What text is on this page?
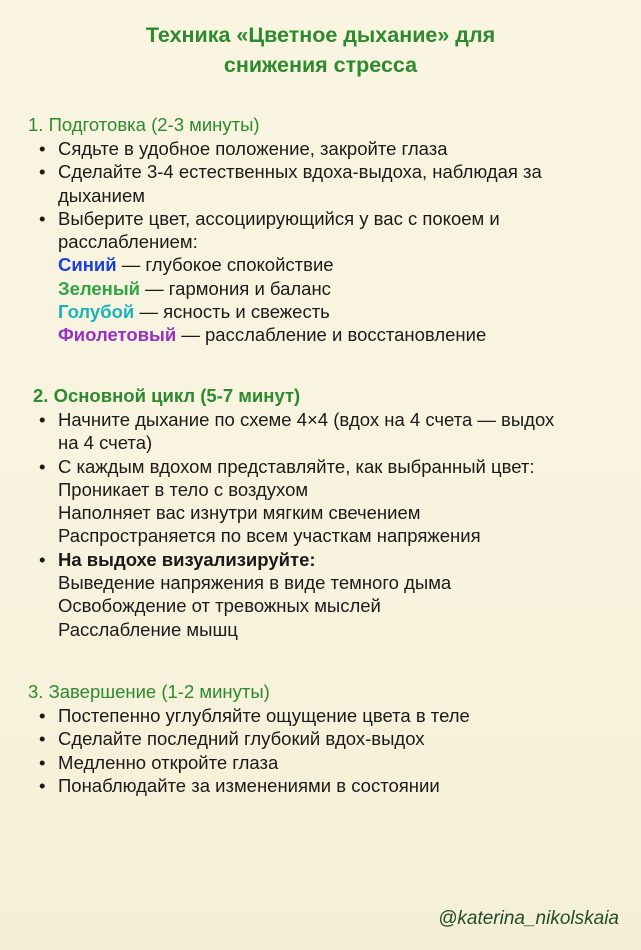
Техника «Цветное дыхание» для
снижения стресса
1. Подготовка (2-3 минуты)
• Сядьте в удобное положение, закройте глаза
• Сделайте 3-4 естественных вдоха-выдоха, наблюдая за
дыханием
• Выберите цвет, ассоциирующийся у вас с покоем и
расслаблением:
Синий — глубокое спокойствие
Зеленый — гармония и баланс
Голубой — ясность и свежесть
Фиолетовый — расслабление и восстановление
2. Основной цикл (5-7 минут)
• Начните дыхание по схеме 4×4 (вдох на 4 счета — выдох
на 4 счета)
• С каждым вдохом представляйте, как выбранный цвет:
Проникает в тело с воздухом
Наполняет вас изнутри мягким свечением
Распространяется по всем участкам напряжения
• На выдохе визуализируйте:
Выведение напряжения в виде темного дыма
Освобождение от тревожных мыслей
Расслабление мышц
3. Завершение (1-2 минуты)
• Постепенно углубляйте ощущение цвета в теле
• Сделайте последний глубокий вдох-выдох
• Медленно откройте глаза
• Понаблюдайте за изменениями в состоянии
@katerina_nikolskaia
